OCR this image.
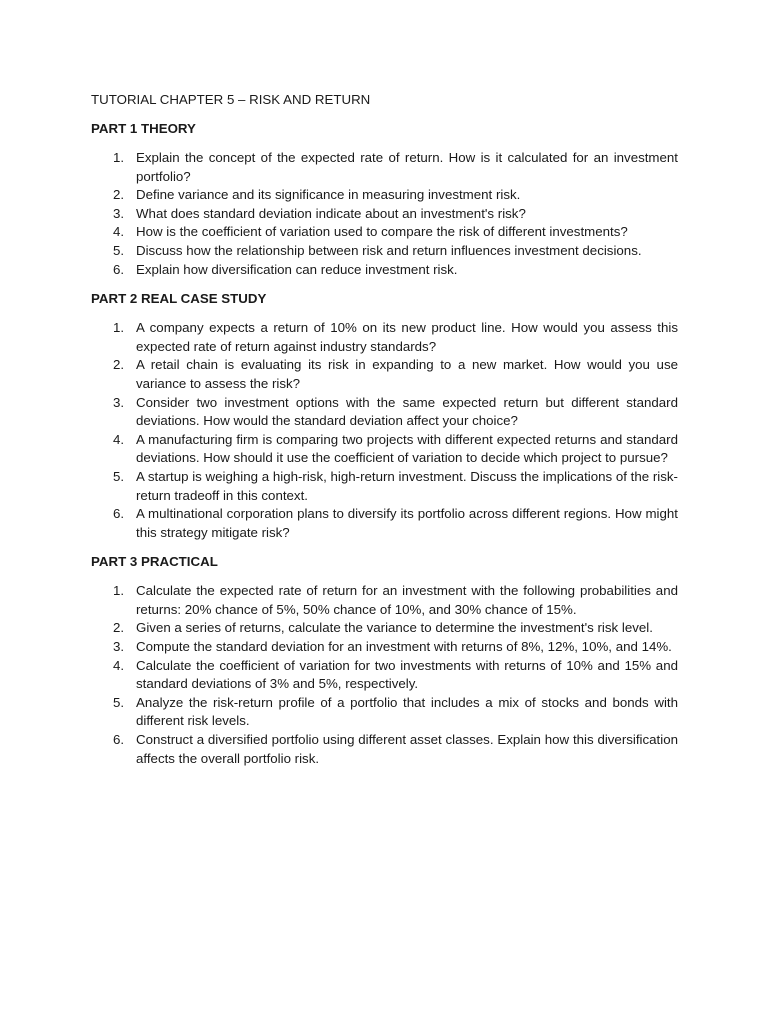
TUTORIAL CHAPTER 5 – RISK AND RETURN
PART 1 THEORY
1. Explain the concept of the expected rate of return. How is it calculated for an investment portfolio?
2. Define variance and its significance in measuring investment risk.
3. What does standard deviation indicate about an investment's risk?
4. How is the coefficient of variation used to compare the risk of different investments?
5. Discuss how the relationship between risk and return influences investment decisions.
6. Explain how diversification can reduce investment risk.
PART 2 REAL CASE STUDY
1. A company expects a return of 10% on its new product line. How would you assess this expected rate of return against industry standards?
2. A retail chain is evaluating its risk in expanding to a new market. How would you use variance to assess the risk?
3. Consider two investment options with the same expected return but different standard deviations. How would the standard deviation affect your choice?
4. A manufacturing firm is comparing two projects with different expected returns and standard deviations. How should it use the coefficient of variation to decide which project to pursue?
5. A startup is weighing a high-risk, high-return investment. Discuss the implications of the risk-return tradeoff in this context.
6. A multinational corporation plans to diversify its portfolio across different regions. How might this strategy mitigate risk?
PART 3 PRACTICAL
1. Calculate the expected rate of return for an investment with the following probabilities and returns: 20% chance of 5%, 50% chance of 10%, and 30% chance of 15%.
2. Given a series of returns, calculate the variance to determine the investment's risk level.
3. Compute the standard deviation for an investment with returns of 8%, 12%, 10%, and 14%.
4. Calculate the coefficient of variation for two investments with returns of 10% and 15% and standard deviations of 3% and 5%, respectively.
5. Analyze the risk-return profile of a portfolio that includes a mix of stocks and bonds with different risk levels.
6. Construct a diversified portfolio using different asset classes. Explain how this diversification affects the overall portfolio risk.
